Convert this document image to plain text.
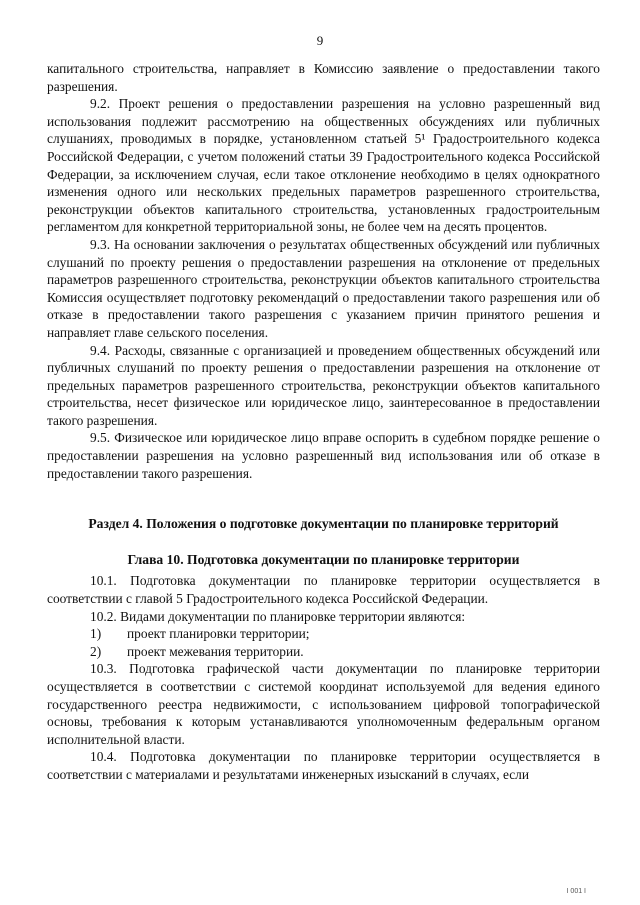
9

капитального строительства, направляет в Комиссию заявление о предоставлении такого разрешения.

9.2. Проект решения о предоставлении разрешения на условно разрешенный вид использования подлежит рассмотрению на общественных обсуждениях или публичных слушаниях, проводимых в порядке, установленном статьей 5¹ Градостроительного кодекса Российской Федерации, с учетом положений статьи 39 Градостроительного кодекса Российской Федерации, за исключением случая, если такое отклонение необходимо в целях однократного изменения одного или нескольких предельных параметров разрешенного строительства, реконструкции объектов капитального строительства, установленных градостроительным регламентом для конкретной территориальной зоны, не более чем на десять процентов.

9.3. На основании заключения о результатах общественных обсуждений или публичных слушаний по проекту решения о предоставлении разрешения на отклонение от предельных параметров разрешенного строительства, реконструкции объектов капитального строительства Комиссия осуществляет подготовку рекомендаций о предоставлении такого разрешения или об отказе в предоставлении такого разрешения с указанием причин принятого решения и направляет главе сельского поселения.

9.4. Расходы, связанные с организацией и проведением общественных обсуждений или публичных слушаний по проекту решения о предоставлении разрешения на отклонение от предельных параметров разрешенного строительства, реконструкции объектов капитального строительства, несет физическое или юридическое лицо, заинтересованное в предоставлении такого разрешения.

9.5. Физическое или юридическое лицо вправе оспорить в судебном порядке решение о предоставлении разрешения на условно разрешенный вид использования или об отказе в предоставлении такого разрешения.

Раздел 4. Положения о подготовке документации по планировке территорий

Глава 10. Подготовка документации по планировке территории

10.1. Подготовка документации по планировке территории осуществляется в соответствии с главой 5 Градостроительного кодекса Российской Федерации.

10.2. Видами документации по планировке территории являются:

1) проект планировки территории;

2) проект межевания территории.

10.3. Подготовка графической части документации по планировке территории осуществляется в соответствии с системой координат используемой для ведения единого государственного реестра недвижимости, с использованием цифровой топографической основы, требования к которым устанавливаются уполномоченным федеральным органом исполнительной власти.

10.4. Подготовка документации по планировке территории осуществляется в соответствии с материалами и результатами инженерных изысканий в случаях, если

I 001 I
